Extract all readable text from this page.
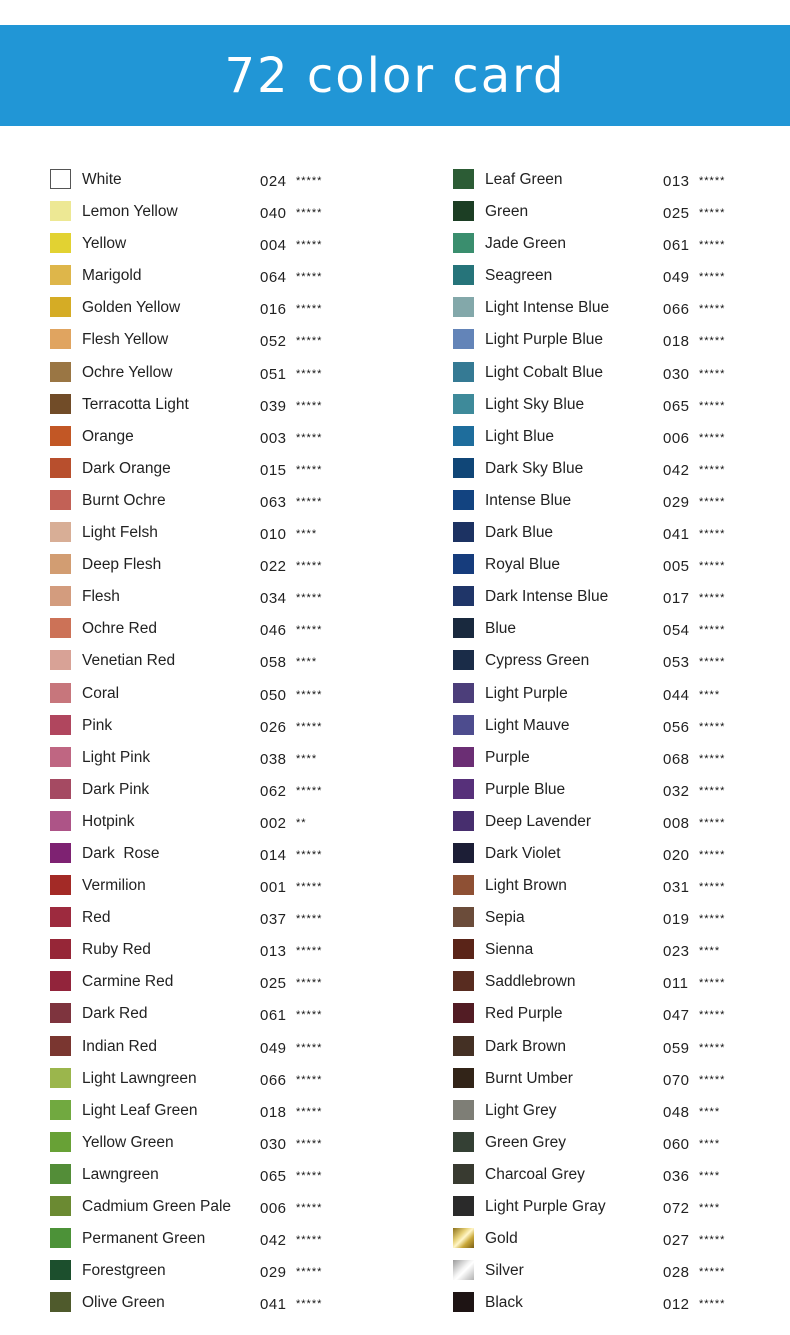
72 color card
White	024 *****
Lemon Yellow	040 *****
Yellow	004 *****
Marigold	064 *****
Golden Yellow	016 *****
Flesh Yellow	052 *****
Ochre Yellow	051 *****
Terracotta Light	039 *****
Orange	003 *****
Dark Orange	015 *****
Burnt Ochre	063 *****
Light Felsh	010 ****
Deep Flesh	022 *****
Flesh	034 *****
Ochre Red	046 *****
Venetian Red	058 ****
Coral	050 *****
Pink	026 *****
Light Pink	038 ****
Dark Pink	062 *****
Hotpink	002 **
Dark  Rose	014 *****
Vermilion	001 *****
Red	037 *****
Ruby Red	013 *****
Carmine Red	025 *****
Dark Red	061 *****
Indian Red	049 *****
Light Lawngreen	066 *****
Light Leaf Green	018 *****
Yellow Green	030 *****
Lawngreen	065 *****
Cadmium Green Pale 006 *****
Permanent Green	042 *****
Forestgreen	029 *****
Olive Green	041 *****
Leaf Green	013 *****
Green	025 *****
Jade Green	061 *****
Seagreen	049 *****
Light Intense Blue	066 *****
Light Purple Blue	018 *****
Light Cobalt Blue	030 *****
Light Sky Blue	065 *****
Light Blue	006 *****
Dark Sky Blue	042 *****
Intense Blue	029 *****
Dark Blue	041 *****
Royal Blue	005 *****
Dark Intense Blue	017 *****
Blue	054 *****
Cypress Green	053 *****
Light Purple	044 ****
Light Mauve	056 *****
Purple	068 *****
Purple Blue	032 *****
Deep Lavender	008 *****
Dark Violet	020 *****
Light Brown	031 *****
Sepia	019 *****
Sienna	023 ****
Saddlebrown	011 *****
Red Purple	047 *****
Dark Brown	059 *****
Burnt Umber	070 *****
Light Grey	048 ****
Green Grey	060 ****
Charcoal Grey	036 ****
Light Purple Gray	072 ****
Gold	027 *****
Silver	028 *****
Black	012 *****
